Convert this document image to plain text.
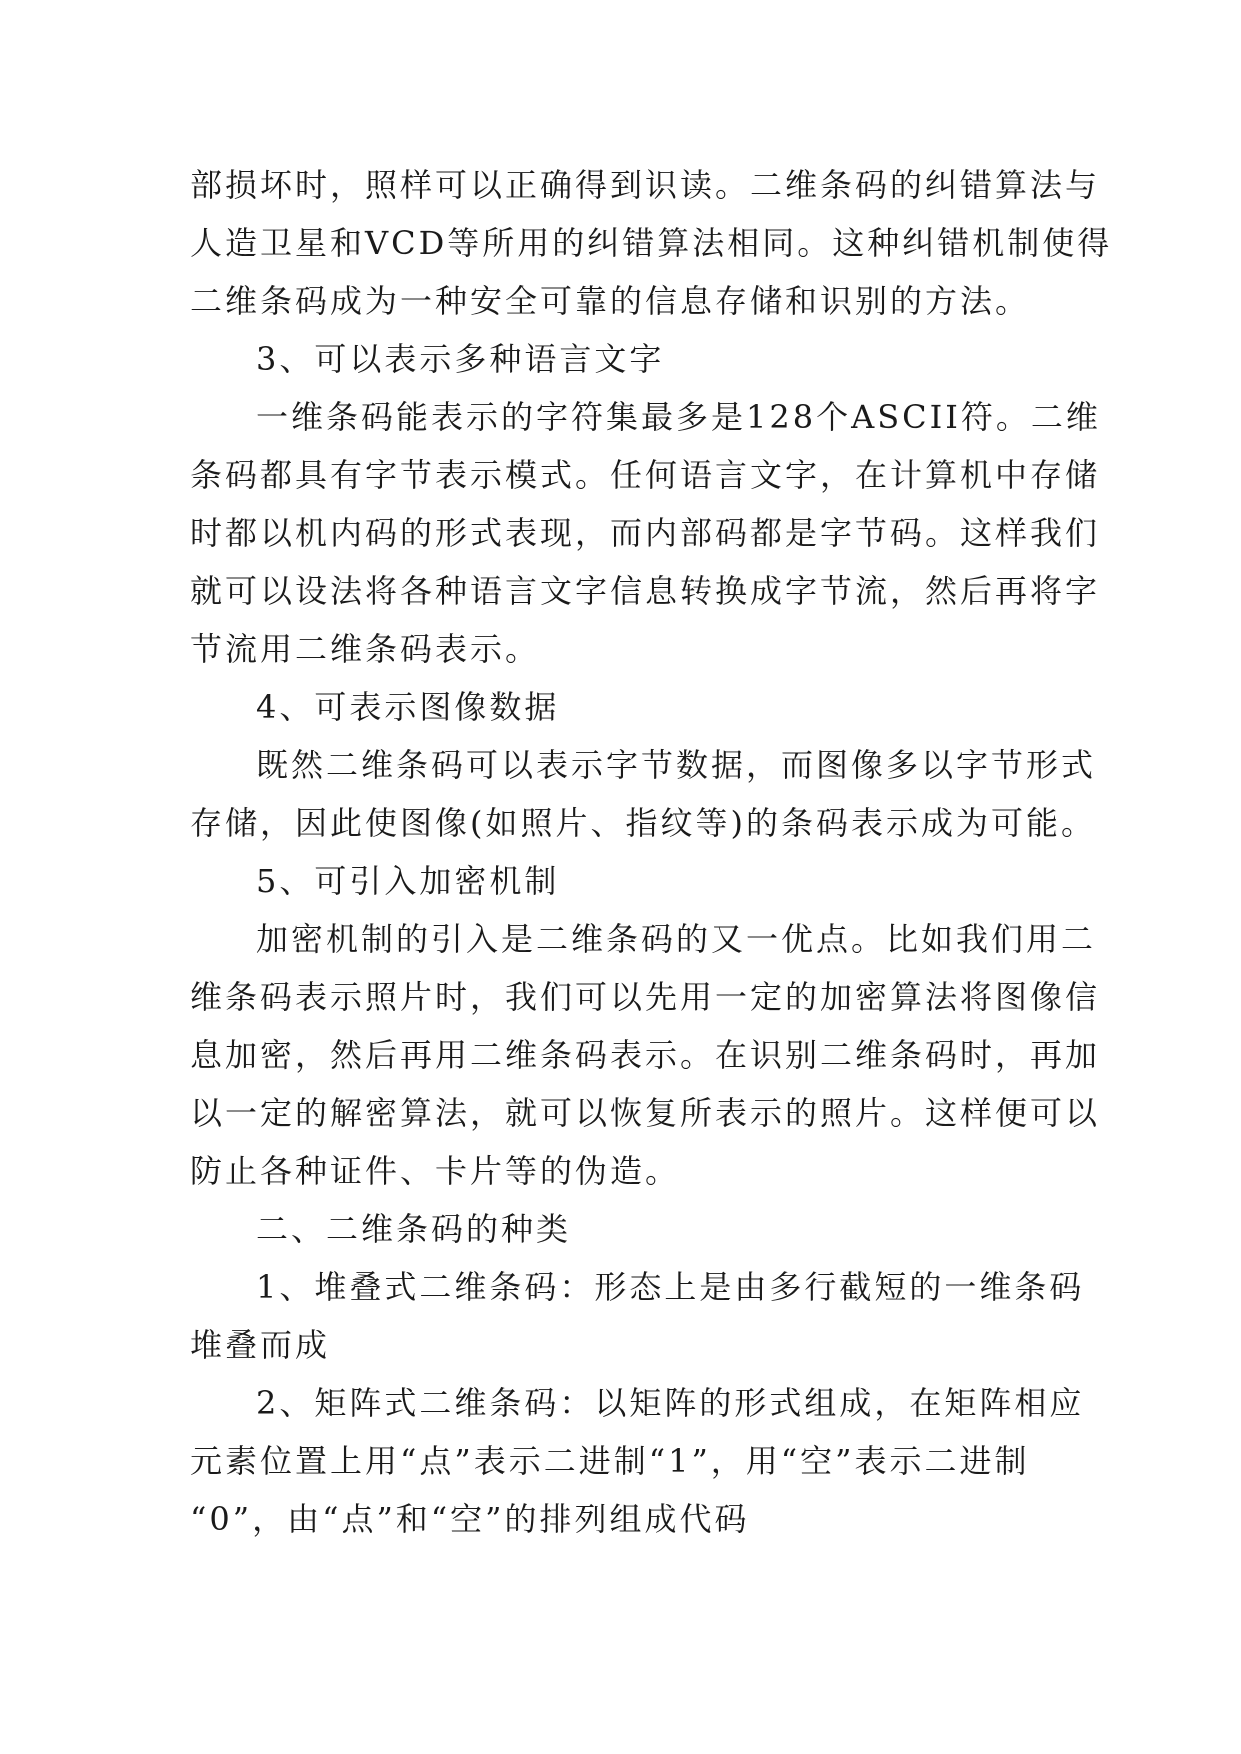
部损坏时，照样可以正确得到识读。二维条码的纠错算法与
人造卫星和VCD等所用的纠错算法相同。这种纠错机制使得
二维条码成为一种安全可靠的信息存储和识别的方法。
3、可以表示多种语言文字
一维条码能表示的字符集最多是128个ASCII符。二维
条码都具有字节表示模式。任何语言文字，在计算机中存储
时都以机内码的形式表现，而内部码都是字节码。这样我们
就可以设法将各种语言文字信息转换成字节流，然后再将字
节流用二维条码表示。
4、可表示图像数据
既然二维条码可以表示字节数据，而图像多以字节形式
存储，因此使图像(如照片、指纹等)的条码表示成为可能。
5、可引入加密机制
加密机制的引入是二维条码的又一优点。比如我们用二
维条码表示照片时，我们可以先用一定的加密算法将图像信
息加密，然后再用二维条码表示。在识别二维条码时，再加
以一定的解密算法，就可以恢复所表示的照片。这样便可以
防止各种证件、卡片等的伪造。
二、二维条码的种类
1、堆叠式二维条码：形态上是由多行截短的一维条码
堆叠而成
2、矩阵式二维条码：以矩阵的形式组成，在矩阵相应
元素位置上用“点”表示二进制“1”，用“空”表示二进制
“0”，由“点”和“空”的排列组成代码
